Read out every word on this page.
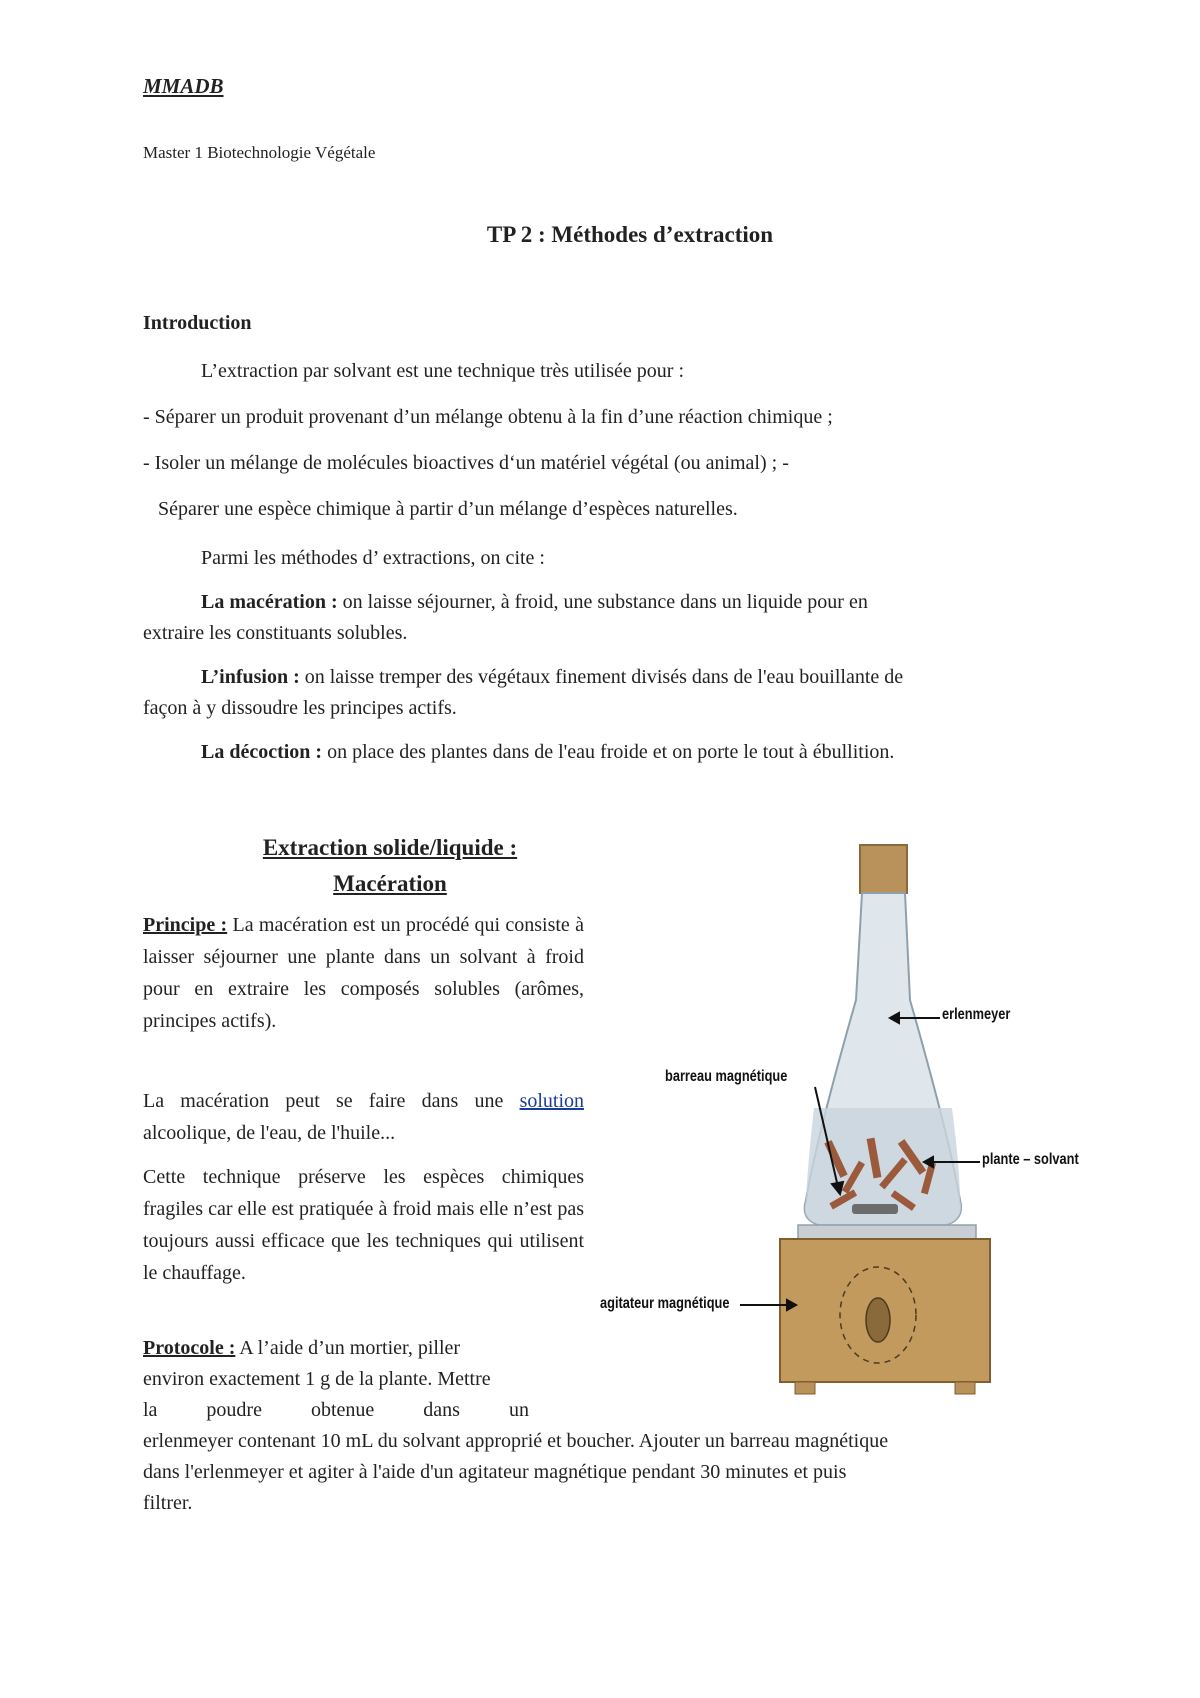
MMADB
Master 1 Biotechnologie Végétale
TP 2 : Méthodes d’extraction
Introduction
L’extraction par solvant est une technique très utilisée pour :
- Séparer un produit provenant d’un mélange obtenu à la fin d’une réaction chimique ;
- Isoler un mélange de molécules bioactives d‘un matériel végétal (ou animal) ; -
Séparer une espèce chimique à partir d’un mélange d’espèces naturelles.
Parmi les méthodes d’ extractions, on cite :
La macération : on laisse séjourner, à froid, une substance dans un liquide pour en
extraire les constituants solubles.
L’infusion : on laisse tremper des végétaux finement divisés dans de l'eau bouillante de
façon à y dissoudre les principes actifs.
La décoction : on place des plantes dans de l'eau froide et on porte le tout à ébullition.
Extraction solide/liquide :
Macération
Principe : La macération est un procédé qui consiste à laisser séjourner une plante dans un solvant à froid pour en extraire les composés solubles (arômes, principes actifs).
La macération peut se faire dans une solution alcoolique, de l'eau, de l'huile...
Cette technique préserve les espèces chimiques fragiles car elle est pratiquée à froid mais elle n’est pas toujours aussi efficace que les techniques qui utilisent le chauffage.
Protocole : A l’aide d’un mortier, piller
environ exactement 1 g de la plante. Mettre
la poudre obtenue dans un
erlenmeyer contenant 10 mL du solvant approprié et boucher. Ajouter un barreau magnétique
dans l'erlenmeyer et agiter à l'aide d'un agitateur magnétique pendant 30 minutes et puis
filtrer.
erlenmeyer
barreau magnétique
plante – solvant
agitateur magnétique
